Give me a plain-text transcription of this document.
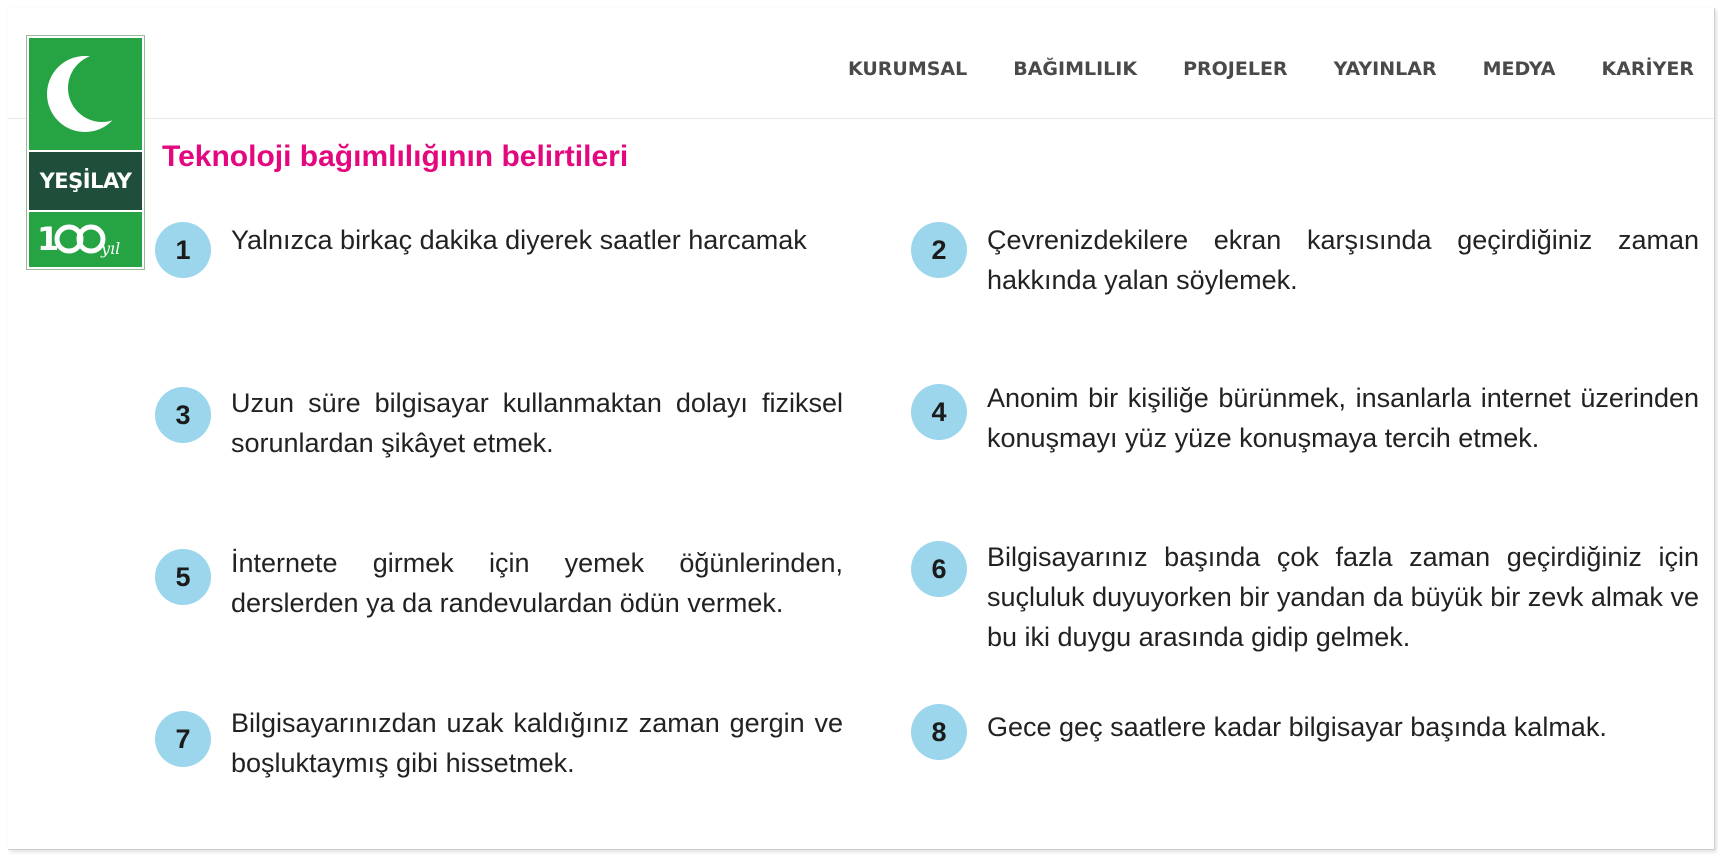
KURUMSAL BAĞIMLILIK PROJELER YAYINLAR MEDYA KARİYER
YEŞİLAY
1	yıl
Teknoloji bağımlılığının belirtileri
1	Yalnızca birkaç dakika diyerek saatler harcamak

3	Uzun süre bilgisayar kullanmaktan dolayı fiziksel sorunlardan şikâyet etmek.

5	İnternete girmek için yemek öğünlerinden, derslerden ya da randevulardan ödün vermek.

7

Bilgisayarınızdan uzak kaldığınız zaman gergin ve boşluktaymış gibi hissetmek.

2	Çevrenizdekilere ekran karşısında geçirdiğiniz zaman hakkında yalan söylemek.

4	Anonim bir kişiliğe bürünmek, insanlarla internet üzerinden konuşmayı yüz yüze konuşmaya tercih etmek.

6	Bilgisayarınız başında çok fazla zaman geçirdiğiniz için suçluluk duyuyorken bir yandan da büyük bir zevk almak ve bu iki duygu arasında gidip gelmek.

8	Gece geç saatlere kadar bilgisayar başında kalmak.
